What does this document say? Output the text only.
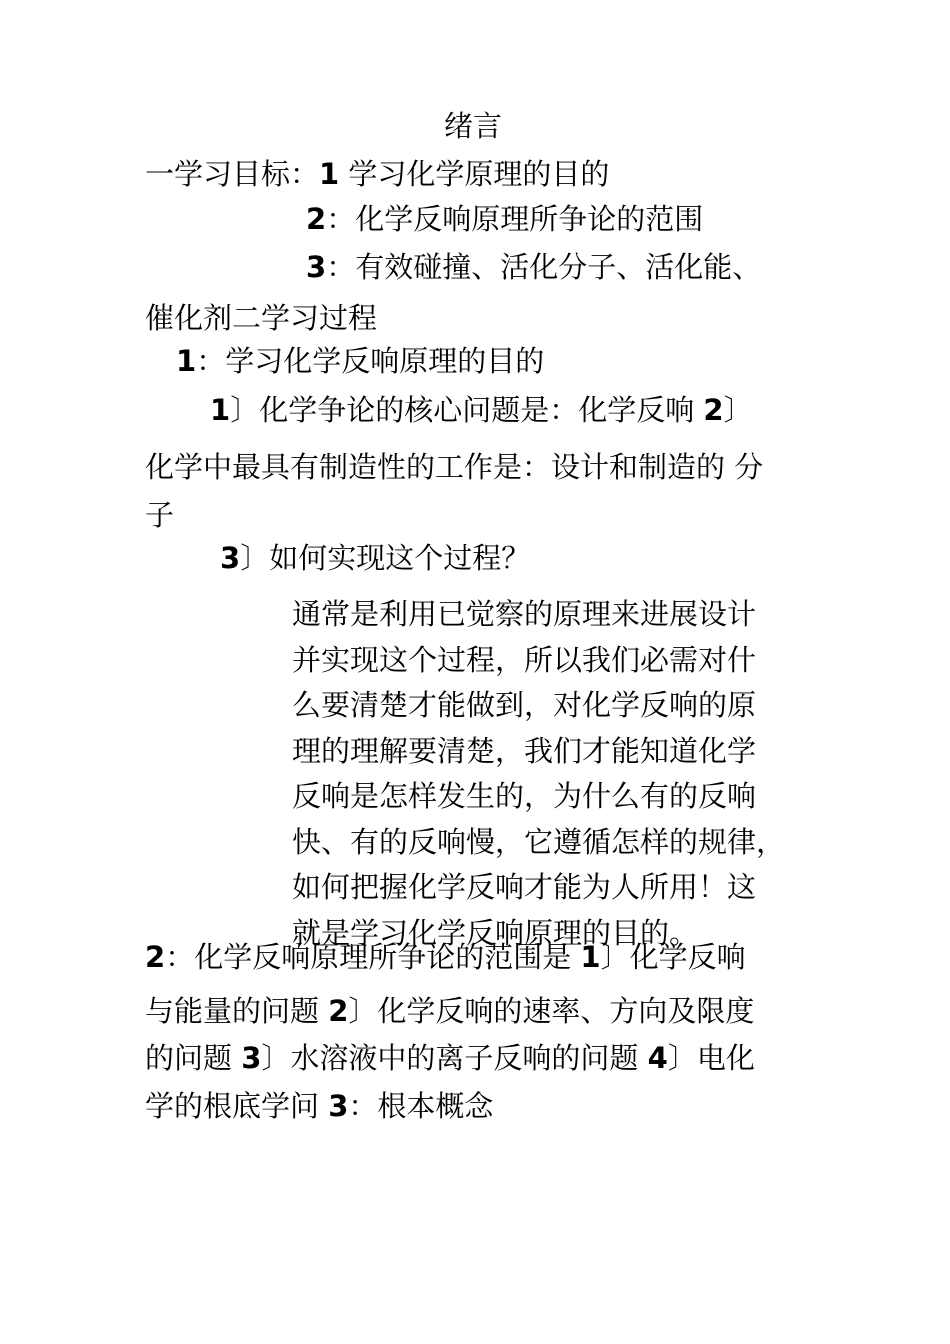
绪言
一学习目标：1 学习化学原理的目的
2：化学反响原理所争论的范围
3：有效碰撞、活化分子、活化能、
催化剂二学习过程
1：学习化学反响原理的目的
1〕化学争论的核心问题是：化学反响 2〕
化学中最具有制造性的工作是：设计和制造的 分
子
3〕如何实现这个过程？
通常是利用已觉察的原理来进展设计
并实现这个过程，所以我们必需对什
么要清楚才能做到，对化学反响的原
理的理解要清楚，我们才能知道化学
反响是怎样发生的，为什么有的反响
快、有的反响慢，它遵循怎样的规律，
如何把握化学反响才能为人所用！这
就是学习化学反响原理的目的。
2：化学反响原理所争论的范围是 1〕化学反响
与能量的问题 2〕化学反响的速率、方向及限度
的问题 3〕水溶液中的离子反响的问题 4〕电化
学的根底学问 3：根本概念
